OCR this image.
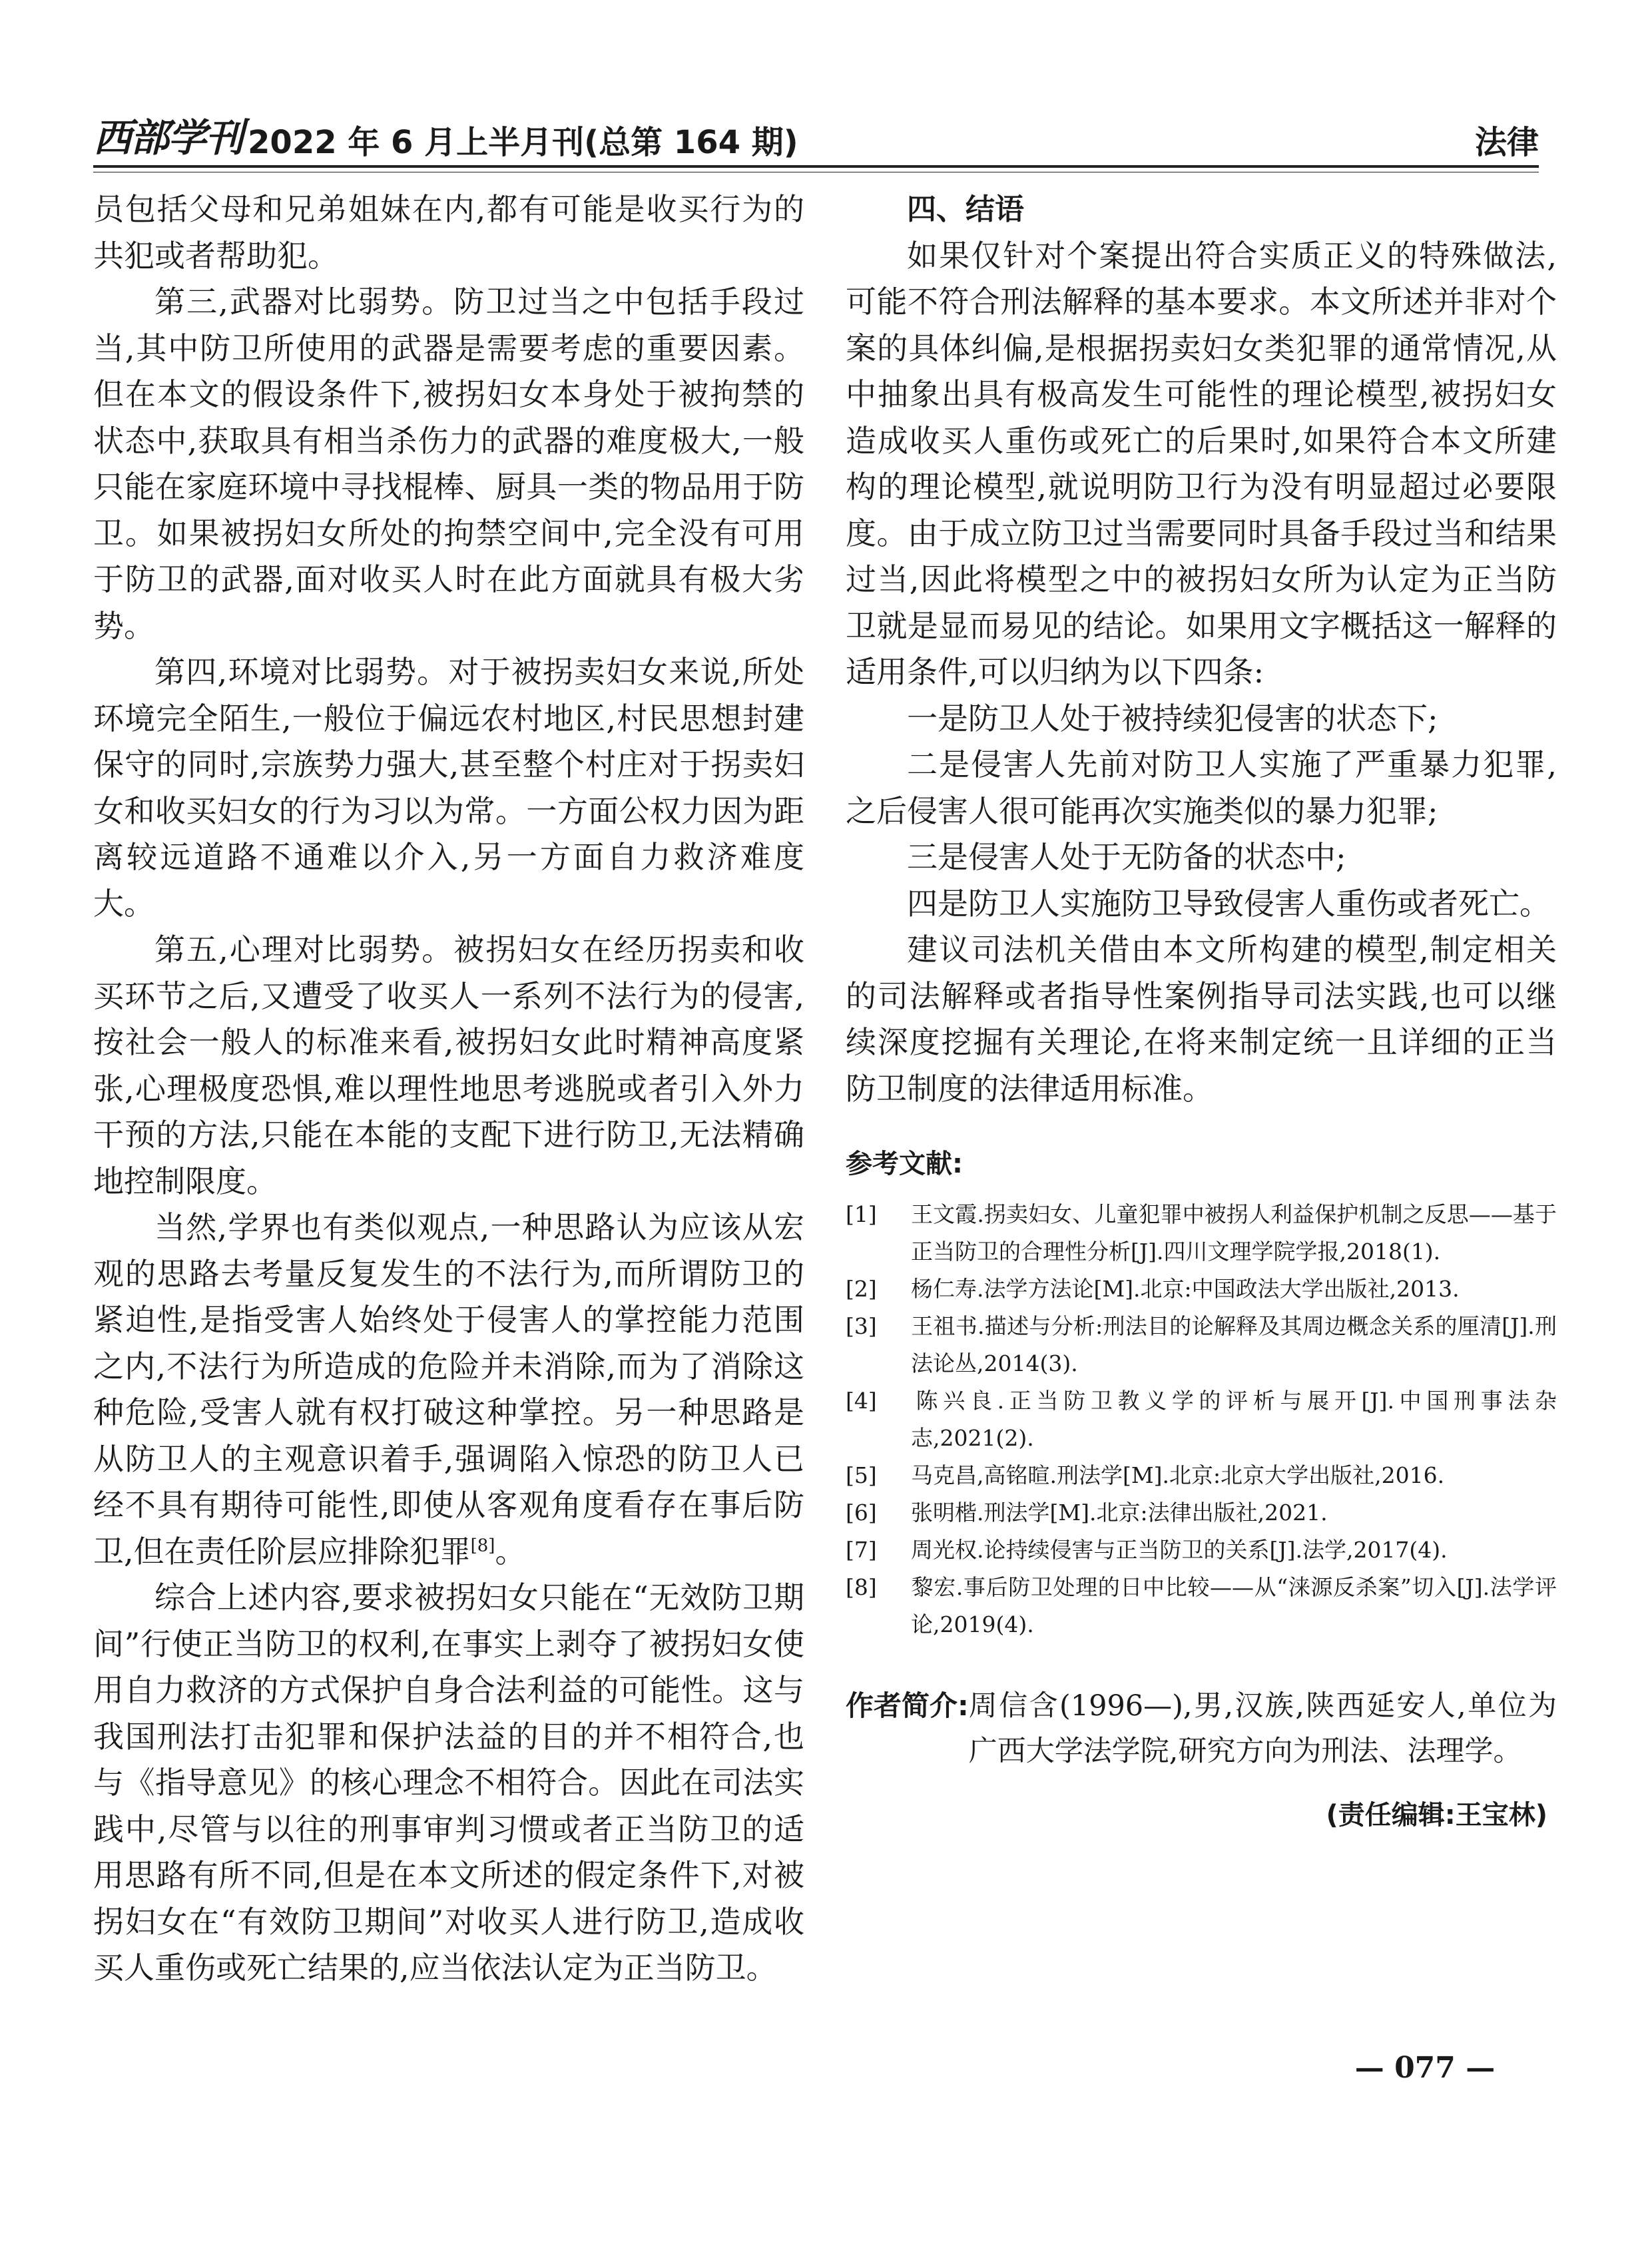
西部学刊 2022 年 6 月上半月刊(总第 164 期)	法律

员包括父母和兄弟姐妹在内,都有可能是收买行为的共犯或者帮助犯。

第三,武器对比弱势。防卫过当之中包括手段过当,其中防卫所使用的武器是需要考虑的重要因素。但在本文的假设条件下,被拐妇女本身处于被拘禁的状态中,获取具有相当杀伤力的武器的难度极大,一般只能在家庭环境中寻找棍棒、厨具一类的物品用于防卫。如果被拐妇女所处的拘禁空间中,完全没有可用于防卫的武器,面对收买人时在此方面就具有极大劣势。

第四,环境对比弱势。对于被拐卖妇女来说,所处环境完全陌生,一般位于偏远农村地区,村民思想封建保守的同时,宗族势力强大,甚至整个村庄对于拐卖妇女和收买妇女的行为习以为常。一方面公权力因为距离较远道路不通难以介入,另一方面自力救济难度大。

第五,心理对比弱势。被拐妇女在经历拐卖和收买环节之后,又遭受了收买人一系列不法行为的侵害,按社会一般人的标准来看,被拐妇女此时精神高度紧张,心理极度恐惧,难以理性地思考逃脱或者引入外力干预的方法,只能在本能的支配下进行防卫,无法精确地控制限度。

当然,学界也有类似观点,一种思路认为应该从宏观的思路去考量反复发生的不法行为,而所谓防卫的紧迫性,是指受害人始终处于侵害人的掌控能力范围之内,不法行为所造成的危险并未消除,而为了消除这种危险,受害人就有权打破这种掌控。另一种思路是从防卫人的主观意识着手,强调陷入惊恐的防卫人已经不具有期待可能性,即使从客观角度看存在事后防卫,但在责任阶层应排除犯罪[8]。

综合上述内容,要求被拐妇女只能在“无效防卫期间”行使正当防卫的权利,在事实上剥夺了被拐妇女使用自力救济的方式保护自身合法利益的可能性。这与我国刑法打击犯罪和保护法益的目的并不相符合,也与《指导意见》的核心理念不相符合。因此在司法实践中,尽管与以往的刑事审判习惯或者正当防卫的适用思路有所不同,但是在本文所述的假定条件下,对被拐妇女在“有效防卫期间”对收买人进行防卫,造成收买人重伤或死亡结果的,应当依法认定为正当防卫。

四、结语

如果仅针对个案提出符合实质正义的特殊做法,可能不符合刑法解释的基本要求。本文所述并非对个案的具体纠偏,是根据拐卖妇女类犯罪的通常情况,从中抽象出具有极高发生可能性的理论模型,被拐妇女造成收买人重伤或死亡的后果时,如果符合本文所建构的理论模型,就说明防卫行为没有明显超过必要限度。由于成立防卫过当需要同时具备手段过当和结果过当,因此将模型之中的被拐妇女所为认定为正当防卫就是显而易见的结论。如果用文字概括这一解释的适用条件,可以归纳为以下四条:

一是防卫人处于被持续犯侵害的状态下;

二是侵害人先前对防卫人实施了严重暴力犯罪,之后侵害人很可能再次实施类似的暴力犯罪;

三是侵害人处于无防备的状态中;

四是防卫人实施防卫导致侵害人重伤或者死亡。

建议司法机关借由本文所构建的模型,制定相关的司法解释或者指导性案例指导司法实践,也可以继续深度挖掘有关理论,在将来制定统一且详细的正当防卫制度的法律适用标准。

参考文献:

[1] 王文霞.拐卖妇女、儿童犯罪中被拐人利益保护机制之反思——基于正当防卫的合理性分析[J].四川文理学院学报,2018(1).
[2] 杨仁寿.法学方法论[M].北京:中国政法大学出版社,2013.
[3] 王祖书.描述与分析:刑法目的论解释及其周边概念关系的厘清[J].刑法论丛,2014(3).
[4] 陈兴良.正当防卫教义学的评析与展开[J].中国刑事法杂志,2021(2).
[5] 马克昌,高铭暄.刑法学[M].北京:北京大学出版社,2016.
[6] 张明楷.刑法学[M].北京:法律出版社,2021.
[7] 周光权.论持续侵害与正当防卫的关系[J].法学,2017(4).
[8] 黎宏.事后防卫处理的日中比较——从“涞源反杀案”切入[J].法学评论,2019(4).
作者简介: 周信含(1996—),男,汉族,陕西延安人,单位为广西大学法学院,研究方向为刑法、法理学。
(责任编辑:王宝林)
— 077 —
